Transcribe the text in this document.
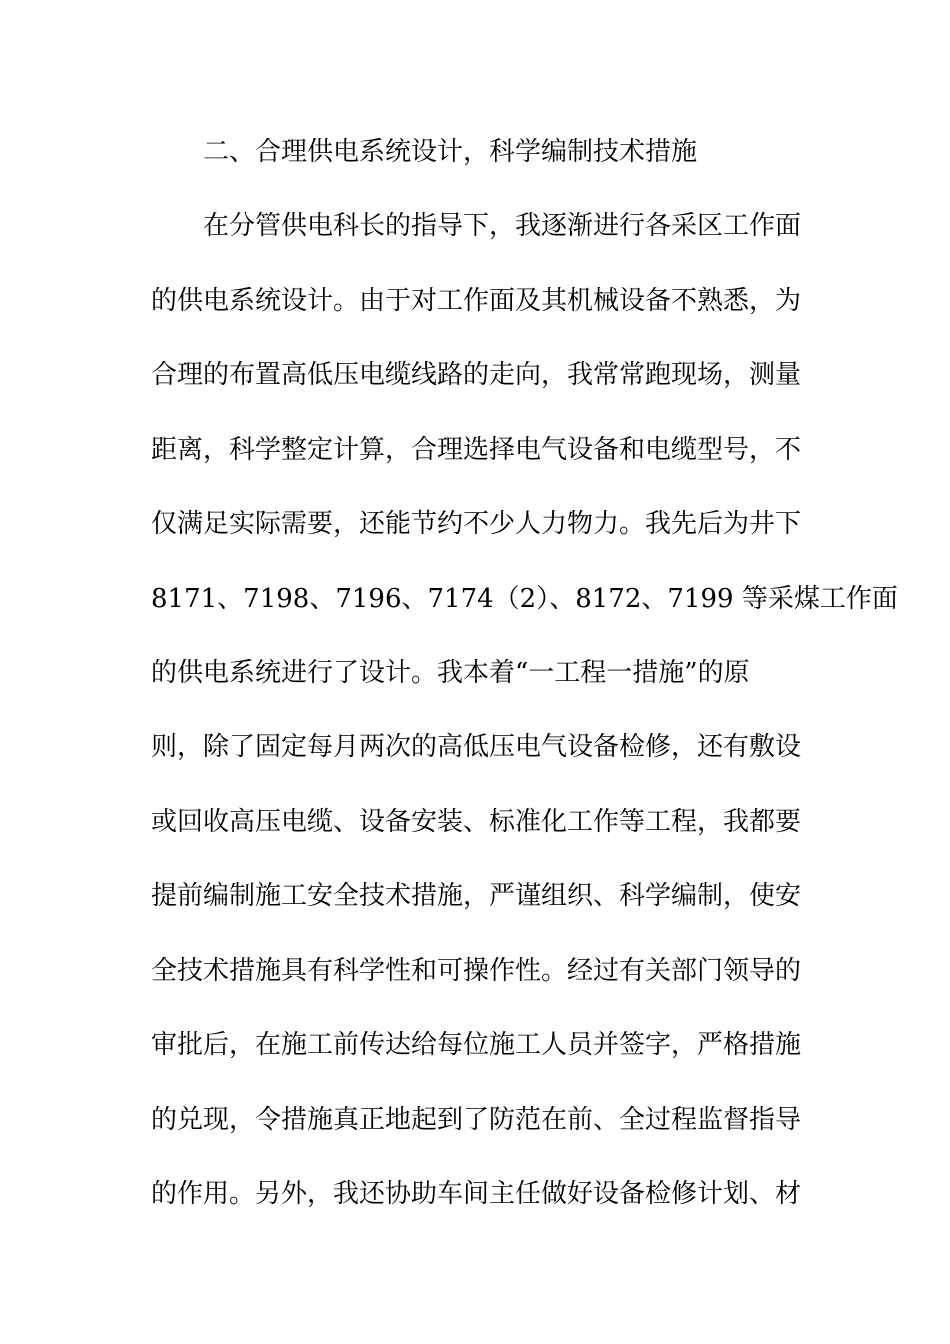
二、合理供电系统设计，科学编制技术措施
在分管供电科长的指导下，我逐渐进行各采区工作面
的供电系统设计。由于对工作面及其机械设备不熟悉，为
合理的布置高低压电缆线路的走向，我常常跑现场，测量
距离，科学整定计算，合理选择电气设备和电缆型号，不
仅满足实际需要，还能节约不少人力物力。我先后为井下
8171、7198、7196、7174（2）、8172、7199 等采煤工作面
的供电系统进行了设计。我本着“一工程一措施”的原
则，除了固定每月两次的高低压电气设备检修，还有敷设
或回收高压电缆、设备安装、标准化工作等工程，我都要
提前编制施工安全技术措施，严谨组织、科学编制，使安
全技术措施具有科学性和可操作性。经过有关部门领导的
审批后，在施工前传达给每位施工人员并签字，严格措施
的兑现，令措施真正地起到了防范在前、全过程监督指导
的作用。另外，我还协助车间主任做好设备检修计划、材
